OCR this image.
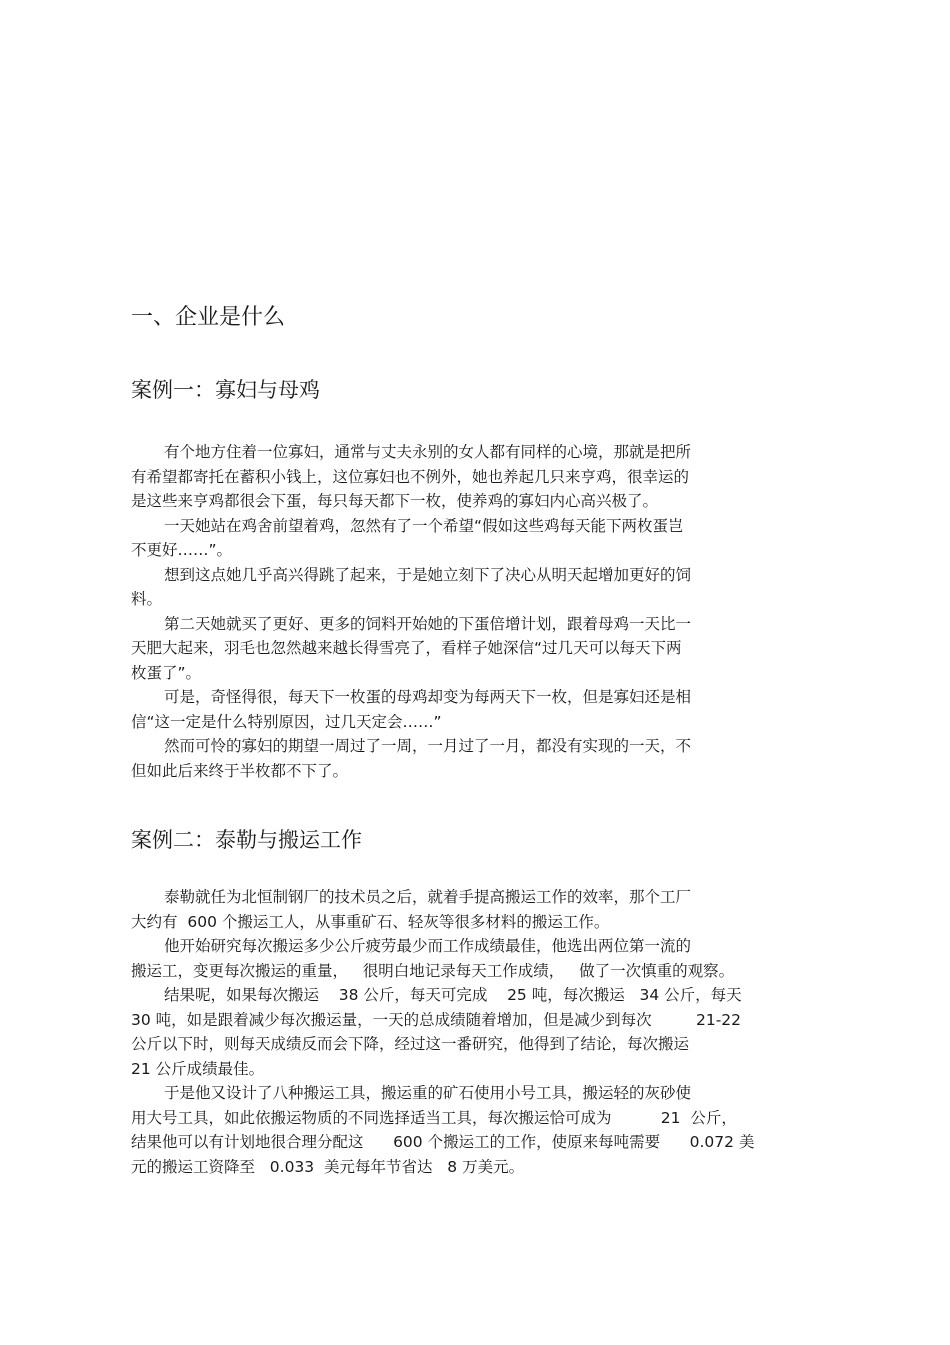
一、企业是什么
案例一：寡妇与母鸡
有个地方住着一位寡妇，通常与丈夫永别的女人都有同样的心境，那就是把所
有希望都寄托在蓄积小钱上，这位寡妇也不例外，她也养起几只来亨鸡，很幸运的
是这些来亨鸡都很会下蛋，每只每天都下一枚，使养鸡的寡妇内心高兴极了。
一天她站在鸡舍前望着鸡，忽然有了一个希望“假如这些鸡每天能下两枚蛋岂
不更好……”。
想到这点她几乎高兴得跳了起来，于是她立刻下了决心从明天起增加更好的饲
料。
第二天她就买了更好、更多的饲料开始她的下蛋倍增计划，跟着母鸡一天比一
天肥大起来，羽毛也忽然越来越长得雪亮了，看样子她深信“过几天可以每天下两
枚蛋了”。
可是，奇怪得很，每天下一枚蛋的母鸡却变为每两天下一枚，但是寡妇还是相
信“这一定是什么特别原因，过几天定会……”
然而可怜的寡妇的期望一周过了一周，一月过了一月，都没有实现的一天，不
但如此后来终于半枚都不下了。
案例二：泰勒与搬运工作
泰勒就任为北恒制钢厂的技术员之后，就着手提高搬运工作的效率，那个工厂
大约有  600 个搬运工人，从事重矿石、轻灰等很多材料的搬运工作。
他开始研究每次搬运多少公斤疲劳最少而工作成绩最佳，他选出两位第一流的
搬运工，变更每次搬运的重量，   很明白地记录每天工作成绩，   做了一次慎重的观察。
结果呢，如果每次搬运    38 公斤，每天可完成    25 吨，每次搬运   34 公斤，每天
30 吨，如是跟着减少每次搬运量，一天的总成绩随着增加，但是减少到每次         21-22
公斤以下时，则每天成绩反而会下降，经过这一番研究，他得到了结论，每次搬运
21 公斤成绩最佳。
于是他又设计了八种搬运工具，搬运重的矿石使用小号工具，搬运轻的灰砂使
用大号工具，如此依搬运物质的不同选择适当工具，每次搬运恰可成为          21  公斤，
结果他可以有计划地很合理分配这      600 个搬运工的工作，使原来每吨需要      0.072 美
元的搬运工资降至   0.033  美元每年节省达   8 万美元。
